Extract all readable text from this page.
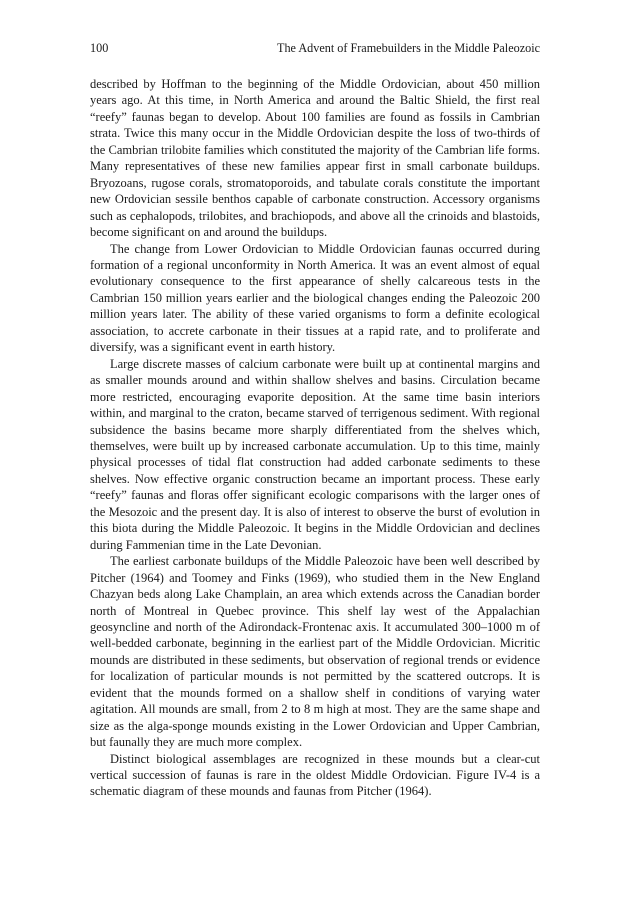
100	The Advent of Framebuilders in the Middle Paleozoic

described by Hoffman to the beginning of the Middle Ordovician, about 450 million years ago. At this time, in North America and around the Baltic Shield, the first real “reefy” faunas began to develop. About 100 families are found as fossils in Cambrian strata. Twice this many occur in the Middle Ordovician despite the loss of two-thirds of the Cambrian trilobite families which constituted the majority of the Cambrian life forms. Many representatives of these new families appear first in small carbonate buildups. Bryozoans, rugose corals, stromatoporoids, and tabulate corals constitute the important new Ordovician sessile benthos capable of carbonate construction. Accessory organisms such as cephalopods, trilobites, and brachiopods, and above all the crinoids and blastoids, become significant on and around the buildups.

The change from Lower Ordovician to Middle Ordovician faunas occurred during formation of a regional unconformity in North America. It was an event almost of equal evolutionary consequence to the first appearance of shelly calcareous tests in the Cambrian 150 million years earlier and the biological changes ending the Paleozoic 200 million years later. The ability of these varied organisms to form a definite ecological association, to accrete carbonate in their tissues at a rapid rate, and to proliferate and diversify, was a significant event in earth history.

Large discrete masses of calcium carbonate were built up at continental margins and as smaller mounds around and within shallow shelves and basins. Circulation became more restricted, encouraging evaporite deposition. At the same time basin interiors within, and marginal to the craton, became starved of terrigenous sediment. With regional subsidence the basins became more sharply differentiated from the shelves which, themselves, were built up by increased carbonate accumulation. Up to this time, mainly physical processes of tidal flat construction had added carbonate sediments to these shelves. Now effective organic construction became an important process. These early “reefy” faunas and floras offer significant ecologic comparisons with the larger ones of the Mesozoic and the present day. It is also of interest to observe the burst of evolution in this biota during the Middle Paleozoic. It begins in the Middle Ordovician and declines during Fammenian time in the Late Devonian.

The earliest carbonate buildups of the Middle Paleozoic have been well described by Pitcher (1964) and Toomey and Finks (1969), who studied them in the New England Chazyan beds along Lake Champlain, an area which extends across the Canadian border north of Montreal in Quebec province. This shelf lay west of the Appalachian geosyncline and north of the Adirondack-Frontenac axis. It accumulated 300–1000 m of well-bedded carbonate, beginning in the earliest part of the Middle Ordovician. Micritic mounds are distributed in these sediments, but observation of regional trends or evidence for localization of particular mounds is not permitted by the scattered outcrops. It is evident that the mounds formed on a shallow shelf in conditions of varying water agitation. All mounds are small, from 2 to 8 m high at most. They are the same shape and size as the alga-sponge mounds existing in the Lower Ordovician and Upper Cambrian, but faunally they are much more complex.

Distinct biological assemblages are recognized in these mounds but a clear-cut vertical succession of faunas is rare in the oldest Middle Ordovician. Figure IV-4 is a schematic diagram of these mounds and faunas from Pitcher (1964).
